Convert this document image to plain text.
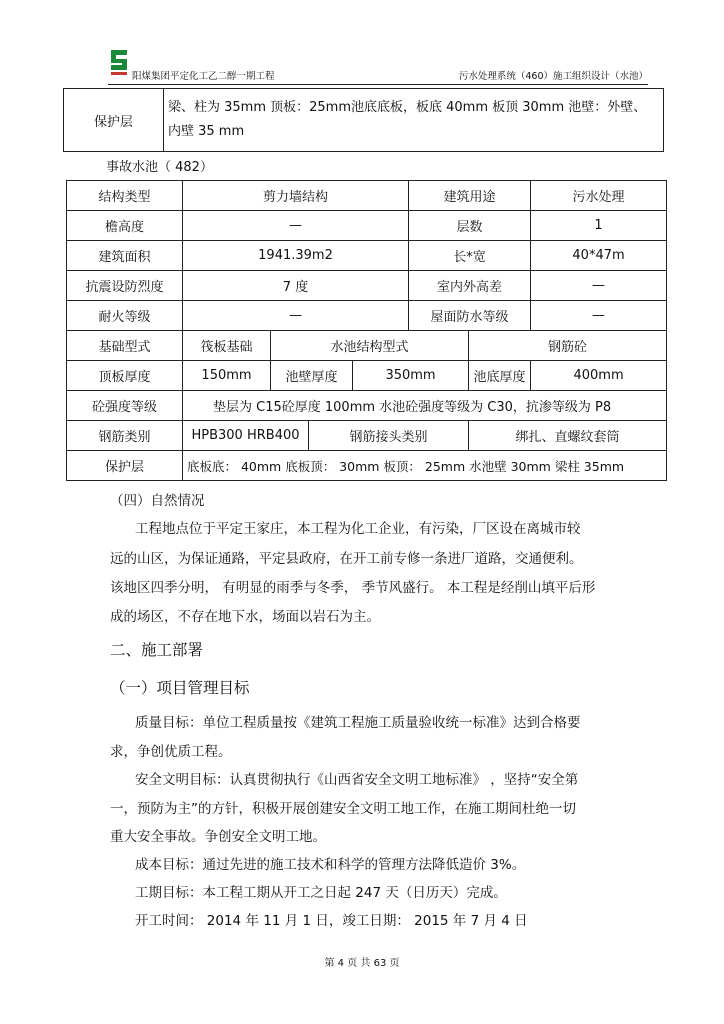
阳煤集团平定化工乙二醇一期工程	污水处理系统（460）施工组织设计（水池）
保护层	
梁、柱为 35mm 顶板：25mm池底底板，板底 40mm 板顶 30mm 池壁：外壁、
内壁 35 mm
事故水池（ 482）
结构类型	剪力墙结构				建筑用途		污水处理
檐高度	—				层数		1
建筑面积	1941.39m2				长*宽		40*47m
抗震设防烈度	7 度				室内外高差		—
耐火等级	—				屋面防水等级		—
基础型式	筏板基础	水池结构型式				钢筋砼	
顶板厚度	150mm	池壁厚度		350mm		池底厚度	400mm
砼强度等级	垫层为 C15砼厚度 100mm 水池砼强度等级为 C30，抗渗等级为 P8						
钢筋类别	HPB300 HRB400		钢筋接头类别			绑扎、直螺纹套筒	
保护层	底板底： 40mm 底板顶： 30mm 板顶： 25mm 水池壁 30mm 梁柱 35mm						
（四）自然情况
工程地点位于平定王家庄，本工程为化工企业，有污染，厂区设在离城市较
远的山区，为保证通路，平定县政府，在开工前专修一条进厂道路，交通便利。
该地区四季分明， 有明显的雨季与冬季， 季节风盛行。 本工程是经削山填平后形
成的场区，不存在地下水，场面以岩石为主。
二、施工部署
（一）项目管理目标
质量目标：单位工程质量按《建筑工程施工质量验收统一标准》达到合格要
求，争创优质工程。
安全文明目标：认真贯彻执行《山西省安全文明工地标准》 ，坚持“安全第
一，预防为主”的方针，积极开展创建安全文明工地工作，在施工期间杜绝一切
重大安全事故。争创安全文明工地。
成本目标：通过先进的施工技术和科学的管理方法降低造价 3%。
工期目标：本工程工期从开工之日起 247 天（日历天）完成。
开工时间： 2014 年 11 月 1 日，竣工日期： 2015 年 7 月 4 日
第 4 页 共 63 页
